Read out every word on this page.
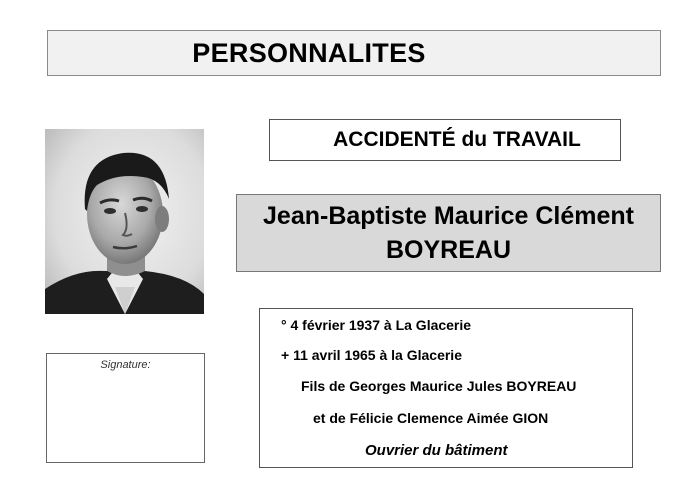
PERSONNALITES
ACCIDENTÉ du TRAVAIL
Jean-Baptiste Maurice Clément
BOYREAU
Signature:
° 4 février 1937 à La Glacerie
+ 11 avril 1965 à la Glacerie
Fils de Georges Maurice Jules BOYREAU
et de Félicie Clemence Aimée GION
Ouvrier du bâtiment
